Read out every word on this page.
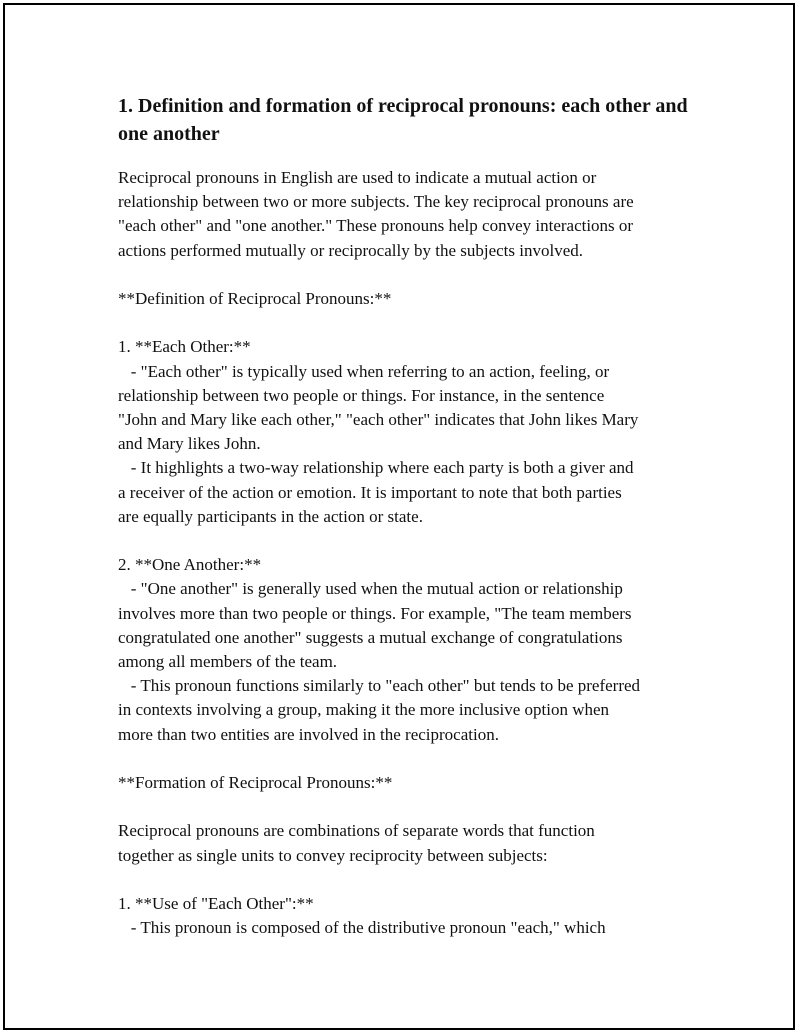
1. Definition and formation of reciprocal pronouns: each other and one another
Reciprocal pronouns in English are used to indicate a mutual action or
relationship between two or more subjects. The key reciprocal pronouns are
"each other" and "one another." These pronouns help convey interactions or
actions performed mutually or reciprocally by the subjects involved.

**Definition of Reciprocal Pronouns:**

1. **Each Other:**
- "Each other" is typically used when referring to an action, feeling, or
relationship between two people or things. For instance, in the sentence
"John and Mary like each other," "each other" indicates that John likes Mary
and Mary likes John.
- It highlights a two-way relationship where each party is both a giver and
a receiver of the action or emotion. It is important to note that both parties
are equally participants in the action or state.

2. **One Another:**
- "One another" is generally used when the mutual action or relationship
involves more than two people or things. For example, "The team members
congratulated one another" suggests a mutual exchange of congratulations
among all members of the team.
- This pronoun functions similarly to "each other" but tends to be preferred
in contexts involving a group, making it the more inclusive option when
more than two entities are involved in the reciprocation.

**Formation of Reciprocal Pronouns:**

Reciprocal pronouns are combinations of separate words that function
together as single units to convey reciprocity between subjects:

1. **Use of "Each Other":**
- This pronoun is composed of the distributive pronoun "each," which
